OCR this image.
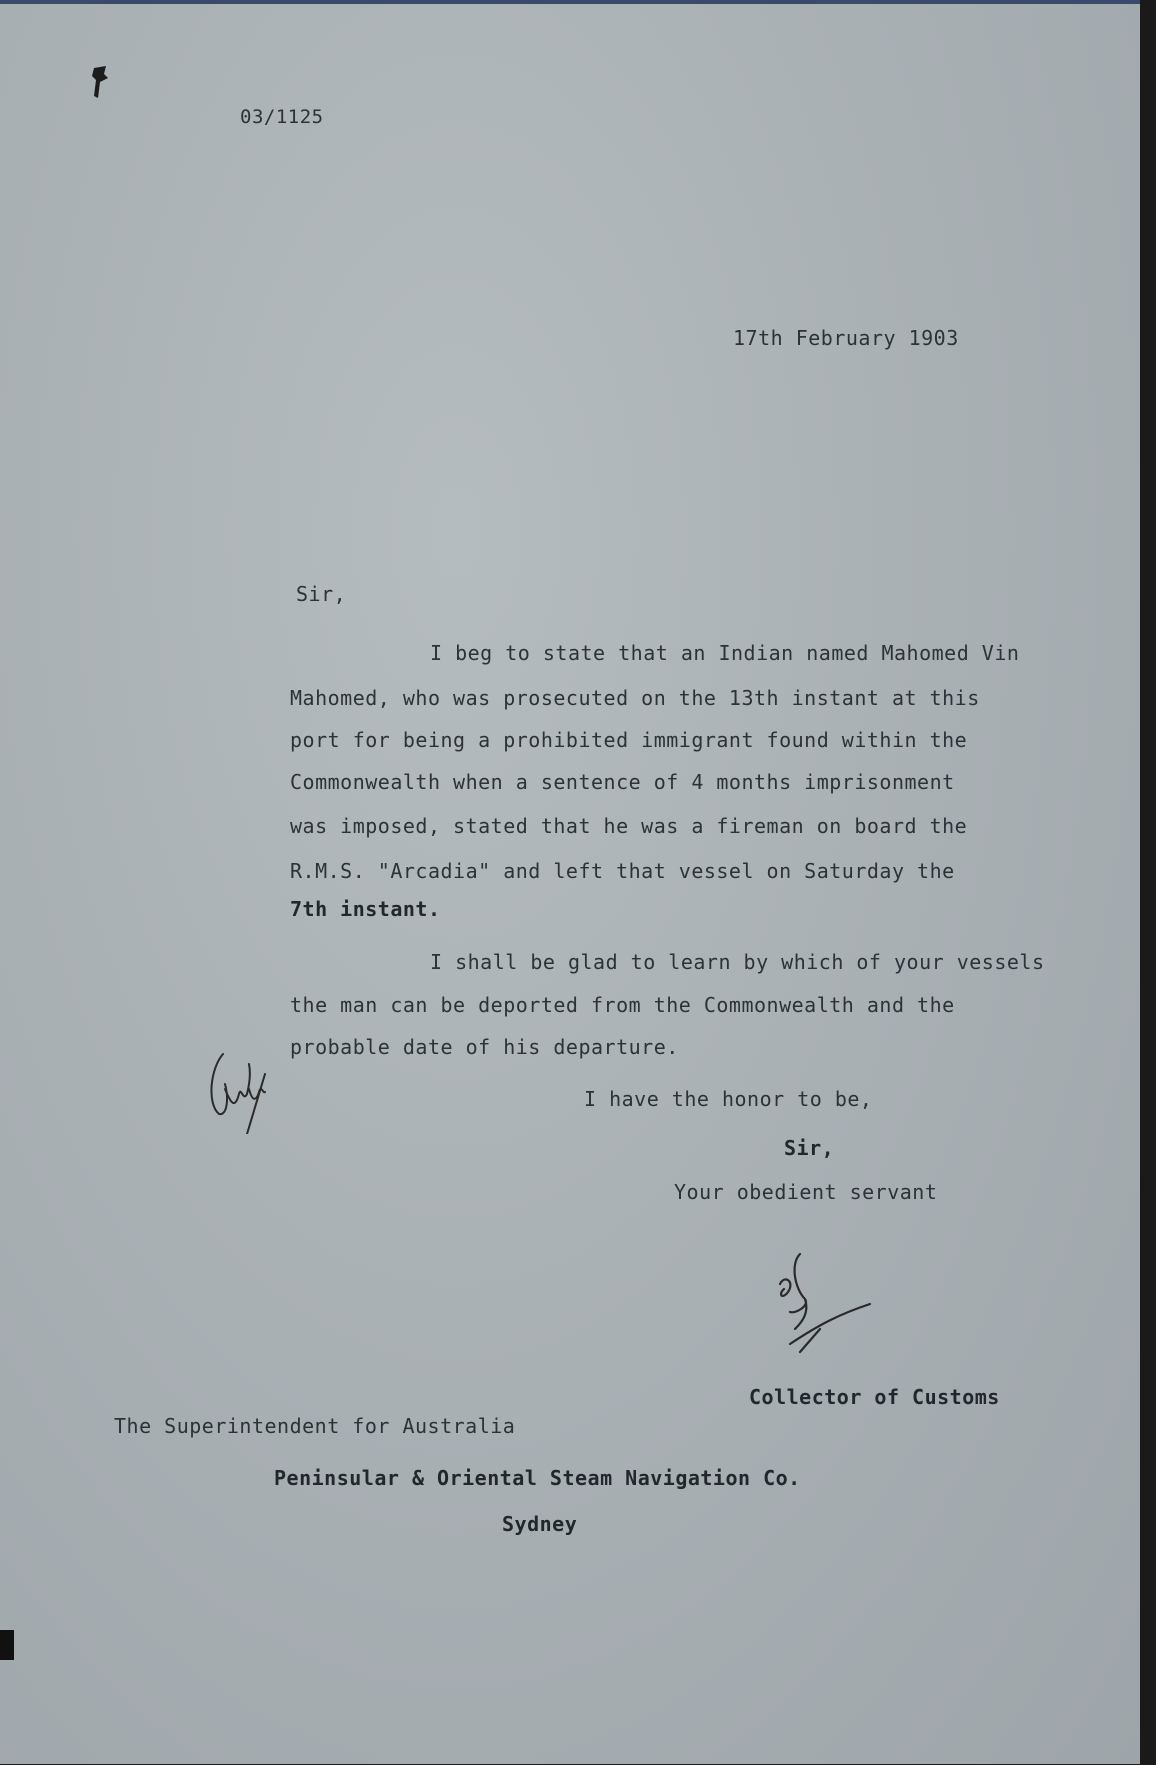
03/1125
17th February 1903
Sir,
I beg to state that an Indian named Mahomed Vin
Mahomed, who was prosecuted on the 13th instant at this
port for being a prohibited immigrant found within the
Commonwealth when a sentence of 4 months imprisonment
was imposed, stated that he was a fireman on board the
R.M.S. "Arcadia" and left that vessel on Saturday the
7th instant.
I shall be glad to learn by which of your vessels
the man can be deported from the Commonwealth and the
probable date of his departure.
I have the honor to be,
Sir,
Your obedient servant
Collector of Customs
The Superintendent for Australia
Peninsular & Oriental Steam Navigation Co.
Sydney
